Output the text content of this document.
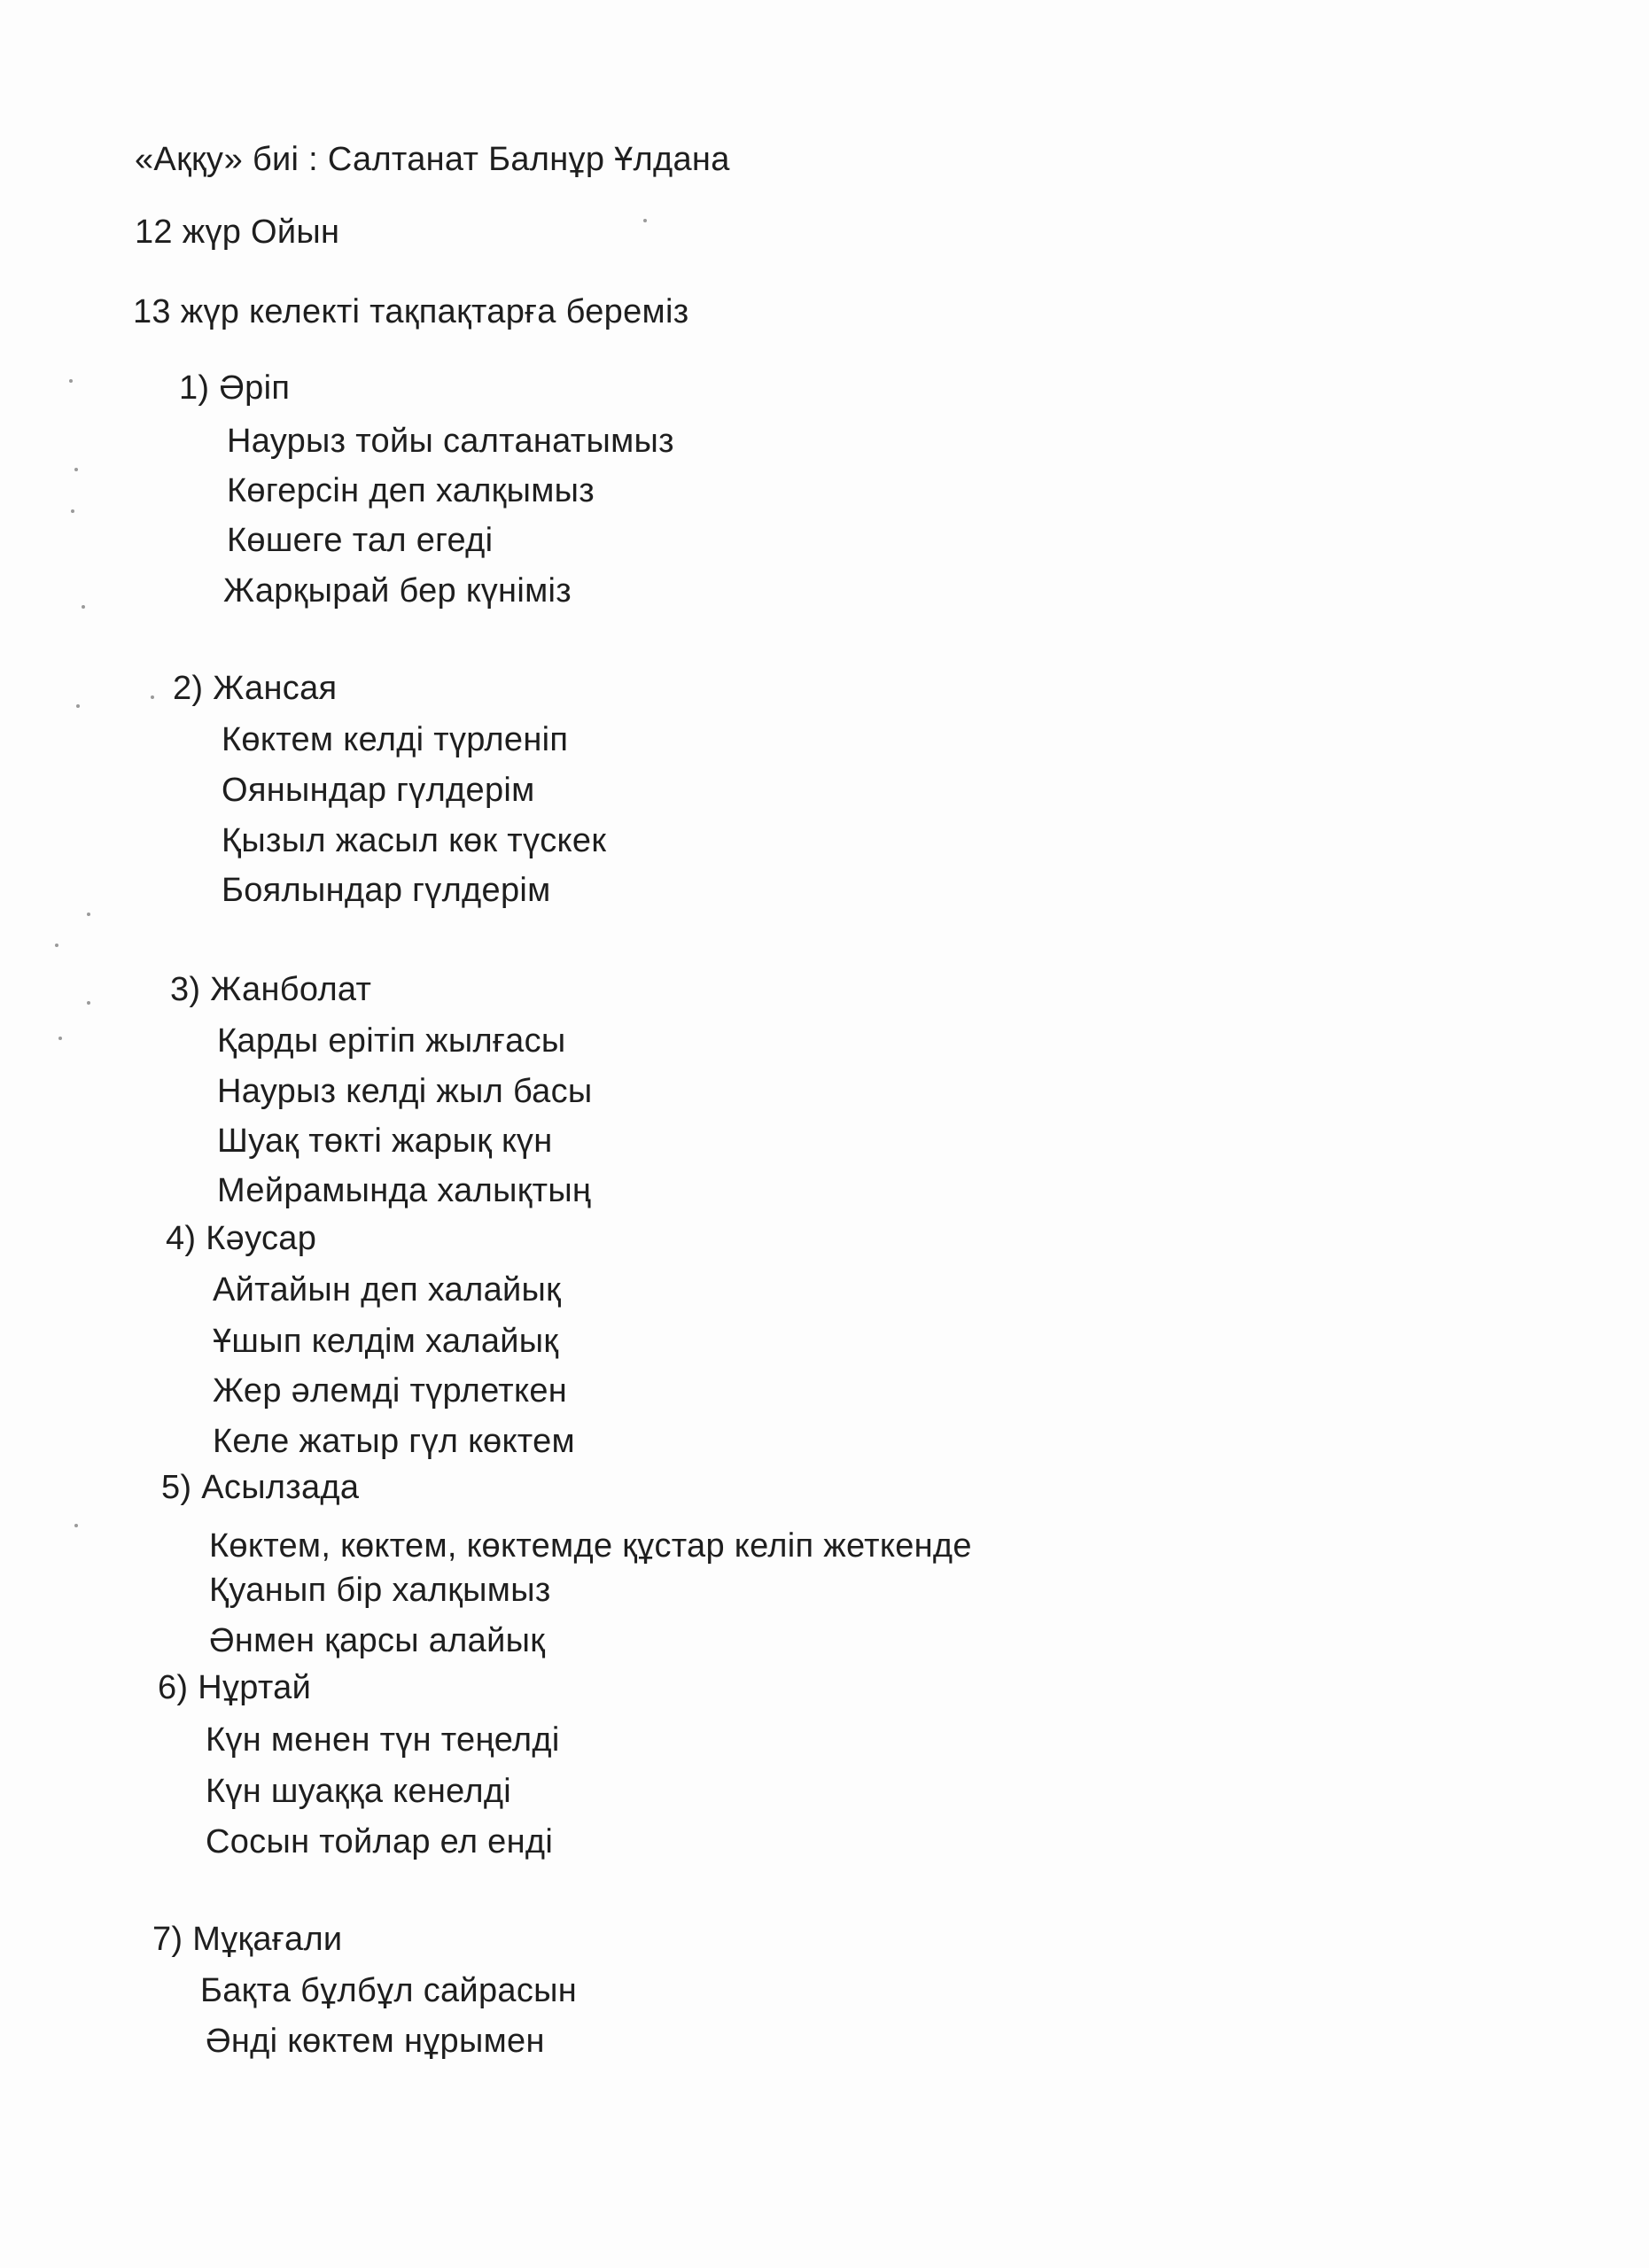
«Аққу» биі : Салтанат Балнұр Ұлдана
12 жүр Ойын
13 жүр келекті тақпақтарға береміз
1) Әріп
Наурыз тойы салтанатымыз
Көгерсін деп халқымыз
Көшеге тал егеді
Жарқырай бер күніміз
2) Жансая
Көктем келді түрленіп
Оянындар гүлдерім
Қызыл жасыл көк түскек
Боялындар гүлдерім
3) Жанболат
Қарды ерітіп жылғасы
Наурыз келді жыл басы
Шуақ төкті жарық күн
Мейрамында халықтың
4) Кәусар
Айтайын деп халайық
Ұшып келдім халайық
Жер әлемді түрлеткен
Келе жатыр гүл көктем
5) Асылзада
Көктем, көктем, көктемде құстар келіп жеткенде
Қуанып бір халқымыз
Әнмен қарсы алайық
6) Нұртай
Күн менен түн теңелді
Күн шуаққа кенелді
Сосын тойлар ел енді
7) Мұқағали
Бақта бұлбұл сайрасын
Әнді көктем нұрымен
